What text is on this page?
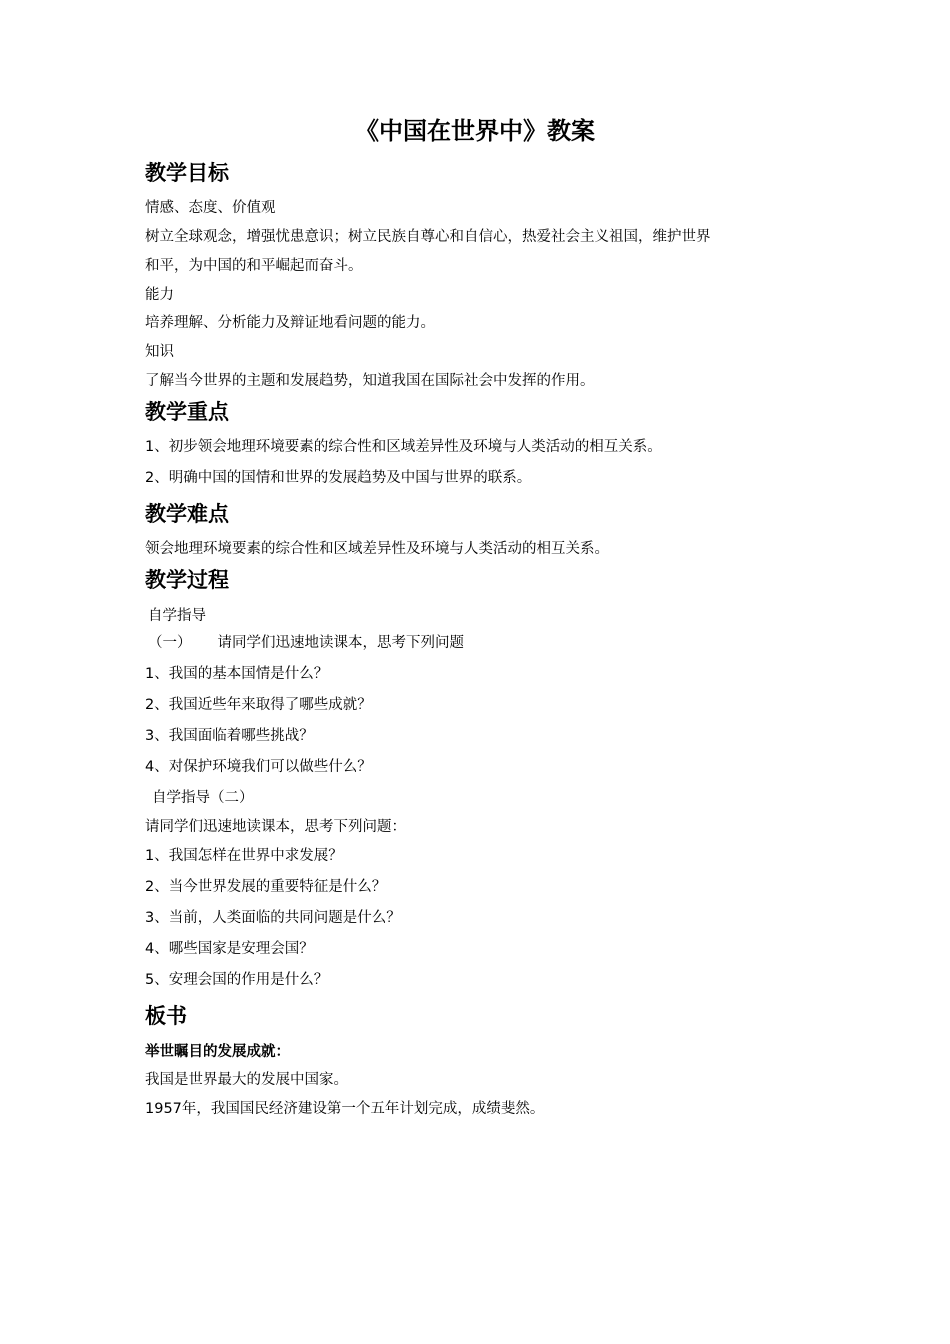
《中国在世界中》教案
教学目标
情感、态度、价值观
树立全球观念，增强忧患意识；树立民族自尊心和自信心，热爱社会主义祖国，维护世界
和平，为中国的和平崛起而奋斗。
能力
培养理解、分析能力及辩证地看问题的能力。
知识
了解当今世界的主题和发展趋势，知道我国在国际社会中发挥的作用。
教学重点
1、初步领会地理环境要素的综合性和区域差异性及环境与人类活动的相互关系。
2、明确中国的国情和世界的发展趋势及中国与世界的联系。
教学难点
领会地理环境要素的综合性和区域差异性及环境与人类活动的相互关系。
教学过程
自学指导
（一） 请同学们迅速地读课本，思考下列问题
1、我国的基本国情是什么？
2、我国近些年来取得了哪些成就？
3、我国面临着哪些挑战？
4、对保护环境我们可以做些什么？
自学指导（二）
请同学们迅速地读课本，思考下列问题：
1、我国怎样在世界中求发展？
2、当今世界发展的重要特征是什么？
3、当前，人类面临的共同问题是什么？
4、哪些国家是安理会国？
5、安理会国的作用是什么？
板书
举世瞩目的发展成就：
我国是世界最大的发展中国家。
1957年，我国国民经济建设第一个五年计划完成，成绩斐然。
